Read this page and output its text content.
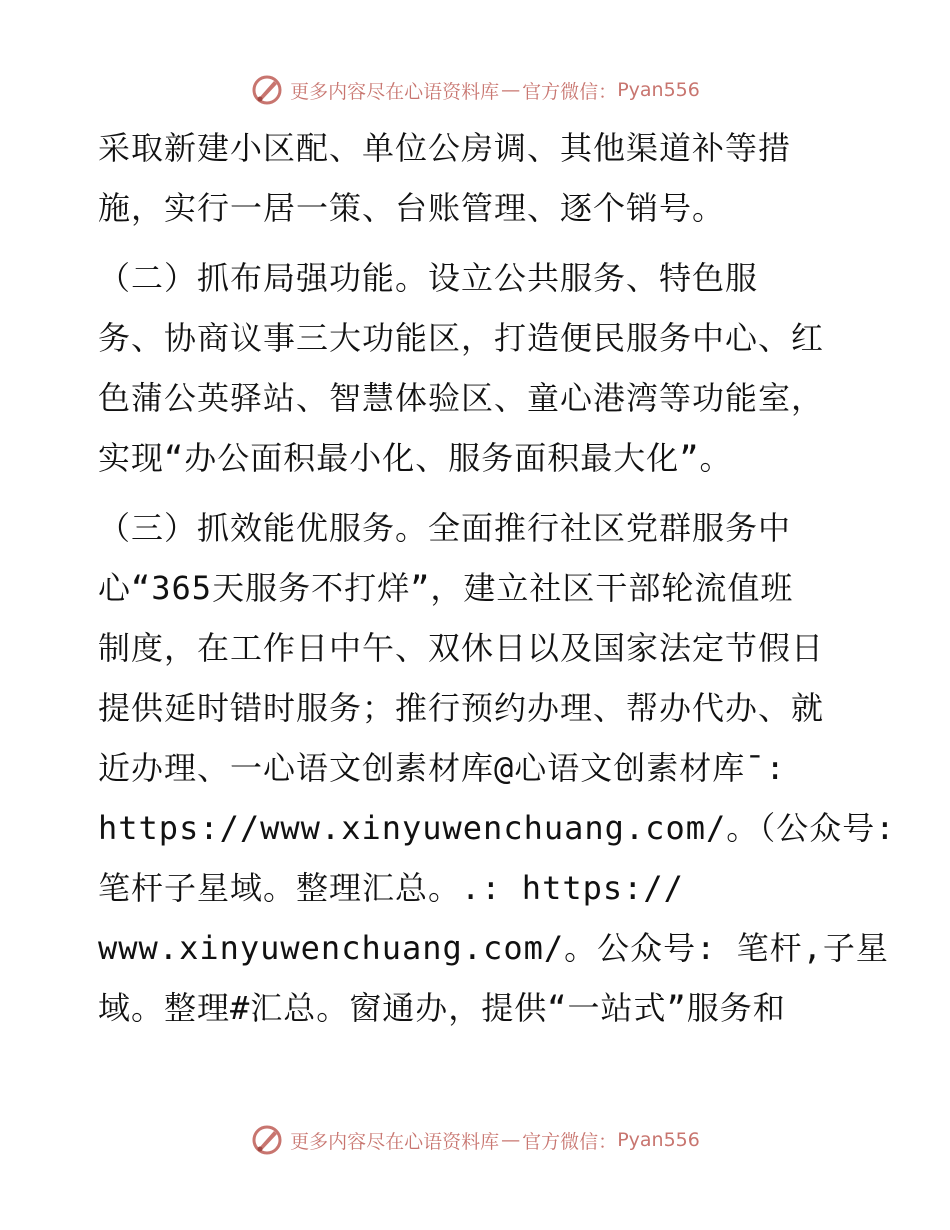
更多内容尽在心语资料库 — 官方微信： Pyan556
采取新建小区配、单位公房调、其他渠道补等措
施，实行一居一策、台账管理、逐个销号。
（二）抓布局强功能。设立公共服务、特色服
务、协商议事三大功能区，打造便民服务中心、红
色蒲公英驿站、智慧体验区、童心港湾等功能室，
实现“办公面积最小化、服务面积最大化”。
（三）抓效能优服务。全面推行社区党群服务中
心“365天服务不打烊”，建立社区干部轮流值班
制度，在工作日中午、双休日以及国家法定节假日
提供延时错时服务；推行预约办理、帮办代办、就
近办理、一心语文创素材库@心语文创素材库¯:
https://www.xinyuwenchuang.com/。（公众号:
笔杆子星域。整理汇总。.: https://
www.xinyuwenchuang.com/。公众号: 笔杆,子星
域。整理#汇总。窗通办，提供“一站式”服务和
更多内容尽在心语资料库 — 官方微信： Pyan556
